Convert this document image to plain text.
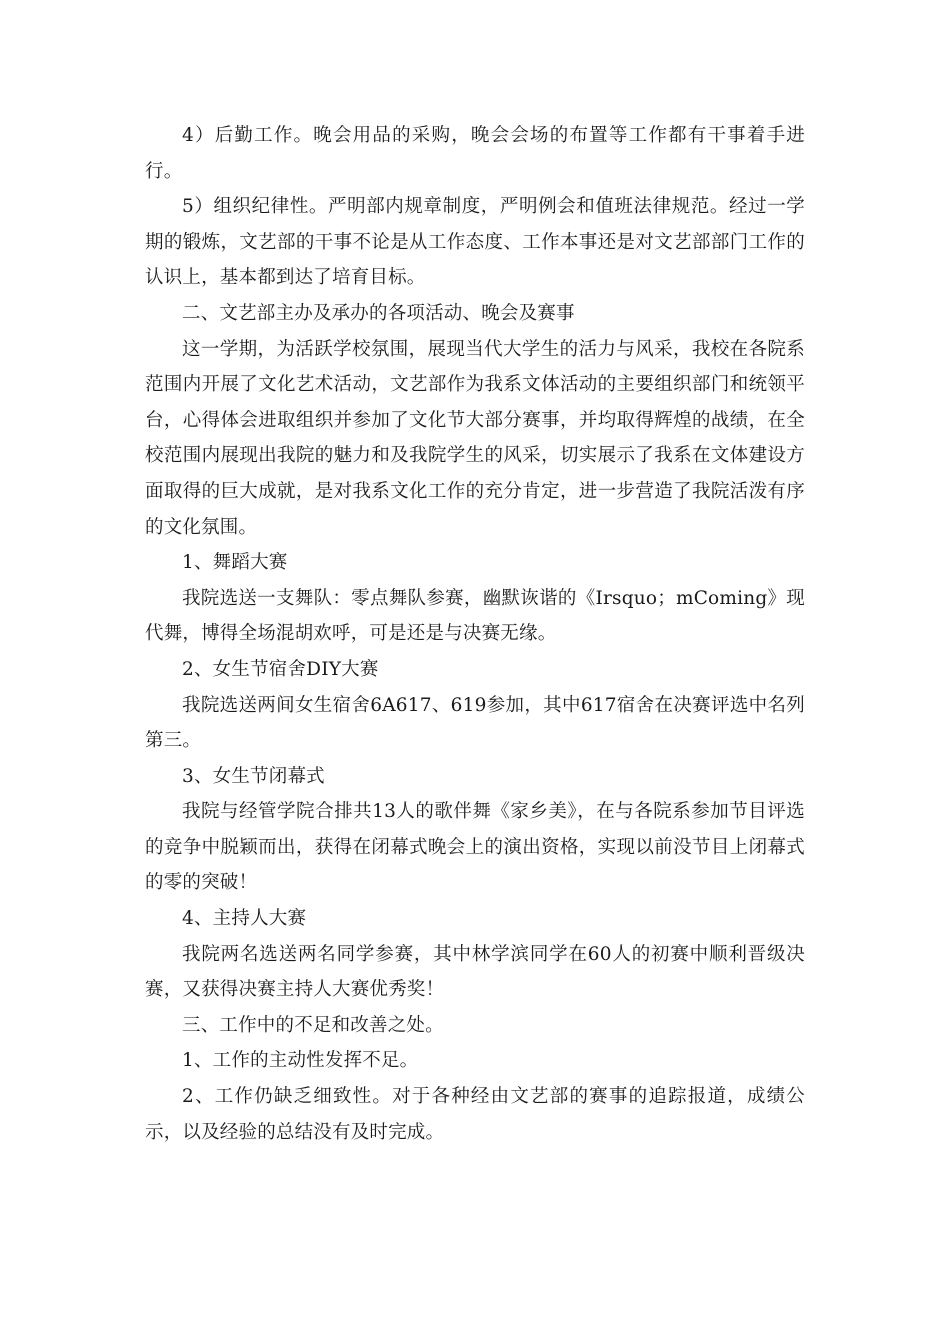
4）后勤工作。晚会用品的采购，晚会会场的布置等工作都有干事着手进行。

5）组织纪律性。严明部内规章制度，严明例会和值班法律规范。经过一学期的锻炼，文艺部的干事不论是从工作态度、工作本事还是对文艺部部门工作的认识上，基本都到达了培育目标。

二、文艺部主办及承办的各项活动、晚会及赛事

这一学期，为活跃学校氛围，展现当代大学生的活力与风采，我校在各院系范围内开展了文化艺术活动，文艺部作为我系文体活动的主要组织部门和统领平台，心得体会进取组织并参加了文化节大部分赛事，并均取得辉煌的战绩，在全校范围内展现出我院的魅力和及我院学生的风采，切实展示了我系在文体建设方面取得的巨大成就，是对我系文化工作的充分肯定，进一步营造了我院活泼有序的文化氛围。

1、舞蹈大赛

我院选送一支舞队：零点舞队参赛，幽默诙谐的《Irsquo；mComing》现代舞，博得全场混胡欢呼，可是还是与决赛无缘。

2、女生节宿舍DIY大赛

我院选送两间女生宿舍6A617、619参加，其中617宿舍在决赛评选中名列第三。

3、女生节闭幕式

我院与经管学院合排共13人的歌伴舞《家乡美》，在与各院系参加节目评选的竞争中脱颖而出，获得在闭幕式晚会上的演出资格，实现以前没节目上闭幕式的零的突破！

4、主持人大赛

我院两名选送两名同学参赛，其中林学滨同学在60人的初赛中顺利晋级决赛，又获得决赛主持人大赛优秀奖！

三、工作中的不足和改善之处。

1、工作的主动性发挥不足。

2、工作仍缺乏细致性。对于各种经由文艺部的赛事的追踪报道，成绩公示，以及经验的总结没有及时完成。
